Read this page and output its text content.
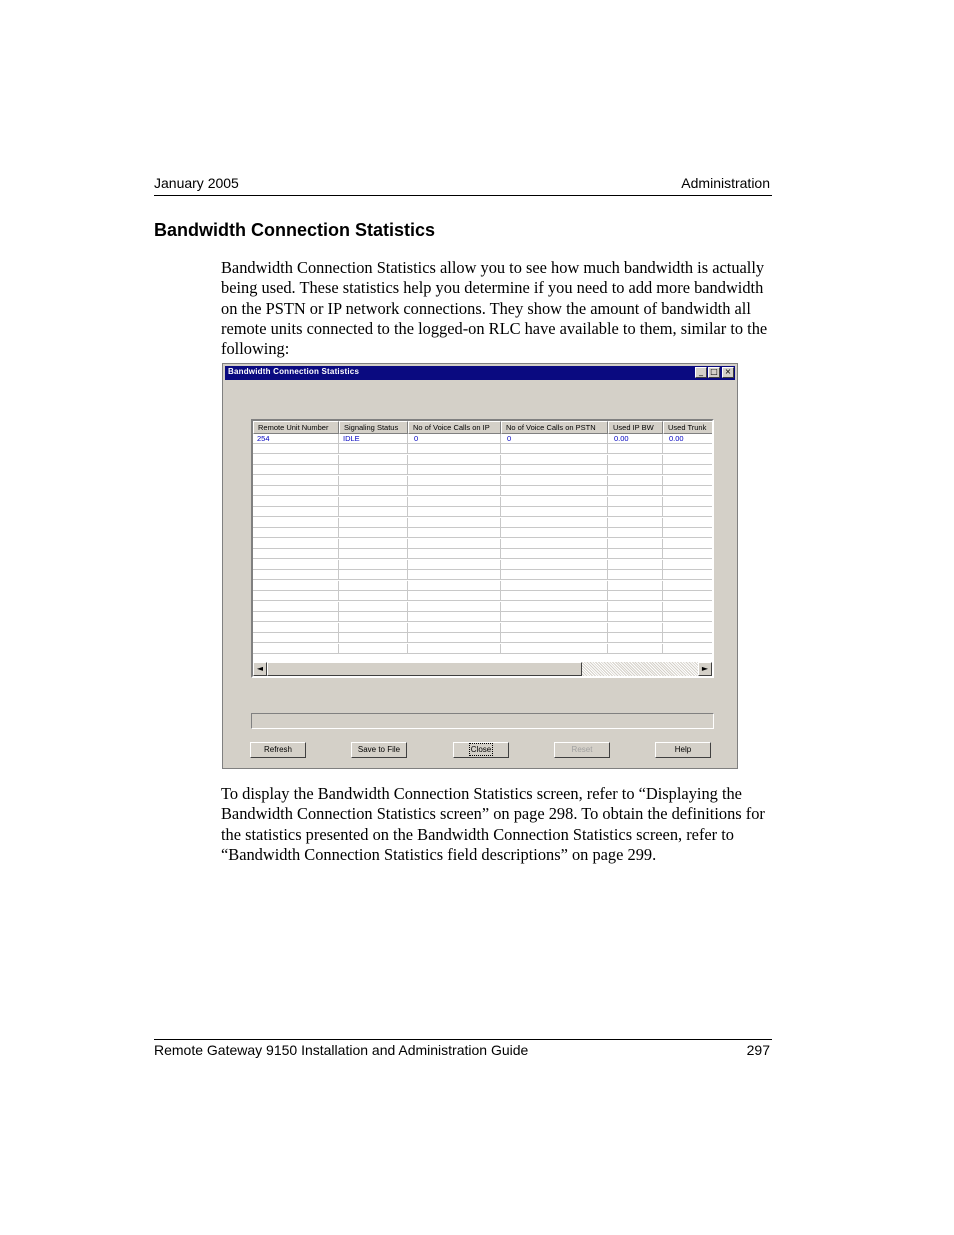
January 2005	Administration
Bandwidth Connection Statistics
Bandwidth Connection Statistics allow you to see how much bandwidth is actually being used. These statistics help you determine if you need to add more bandwidth on the PSTN or IP network connections. They show the amount of bandwidth all remote units connected to the logged-on RLC have available to them, similar to the following:
Bandwidth Connection Statistics	_ □ ×
Remote Unit Number	Signaling Status	No of Voice Calls on IP	No of Voice Calls on PSTN	Used IP BW	Used Trunk
254	IDLE	0	0	0.00	0.00
◄	►
Refresh	Save to File	Close	Reset	Help
To display the Bandwidth Connection Statistics screen, refer to “Displaying the Bandwidth Connection Statistics screen” on page 298. To obtain the definitions for the statistics presented on the Bandwidth Connection Statistics screen, refer to “Bandwidth Connection Statistics field descriptions” on page 299.
Remote Gateway 9150 Installation and Administration Guide	297
